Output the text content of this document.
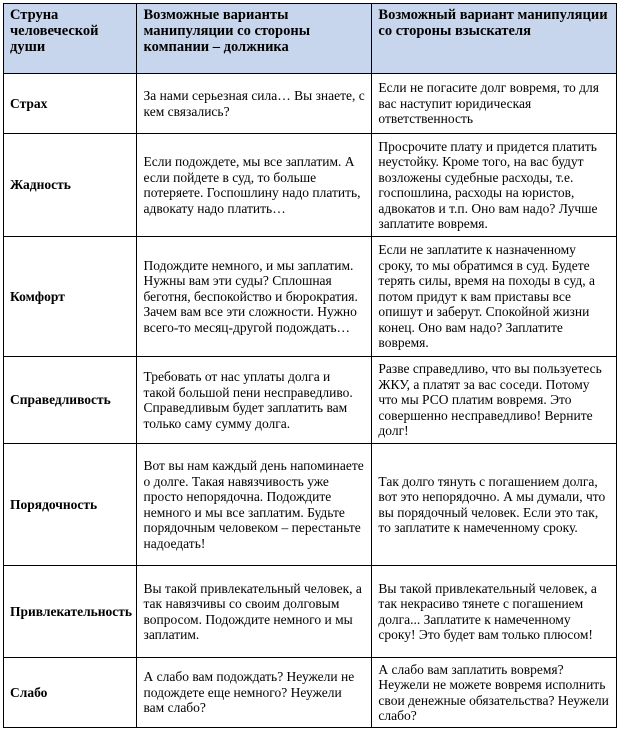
Струна человеческой души	Возможные варианты манипуляции со стороны компании – должника	Возможный вариант манипуляции со стороны взыскателя
Страх	За нами серьезная сила… Вы знаете, с кем связались?	Если не погасите долг вовремя, то для вас наступит юридическая ответственность
Жадность	Если подождете, мы все заплатим. А если пойдете в суд, то больше потеряете. Госпошлину надо платить, адвокату надо платить…	Просрочите плату и придется платить неустойку. Кроме того, на вас будут возложены судебные расходы, т.е. госпошлина, расходы на юристов, адвокатов и т.п. Оно вам надо? Лучше заплатите вовремя.
Комфорт	Подождите немного, и мы заплатим. Нужны вам эти суды? Сплошная беготня, беспокойство и бюрократия. Зачем вам все эти сложности. Нужно всего-то месяц-другой подождать…	Если не заплатите к назначенному сроку, то мы обратимся в суд. Будете терять силы, время на походы в суд, а потом придут к вам приставы все опишут и заберут. Спокойной жизни конец. Оно вам надо? Заплатите вовремя.
Справедливость	Требовать от нас уплаты долга и такой большой пени несправедливо. Справедливым будет заплатить вам только саму сумму долга.	Разве справедливо, что вы пользуетесь ЖКУ, а платят за вас соседи. Потому что мы РСО платим вовремя. Это совершенно несправедливо! Верните долг!
Порядочность	Вот вы нам каждый день напоминаете о долге. Такая навязчивость уже просто непорядочна. Подождите немного и мы все заплатим. Будьте порядочным человеком – перестаньте надоедать!	Так долго тянуть с погашением долга, вот это непорядочно. А мы думали, что вы порядочный человек. Если это так, то заплатите к намеченному сроку.
Привлекательность	Вы такой привлекательный человек, а так навязчивы со своим долговым вопросом. Подождите немного и мы заплатим.	Вы такой привлекательный человек, а так некрасиво тянете с погашением долга... Заплатите к намеченному сроку! Это будет вам только плюсом!
Слабо	А слабо вам подождать? Неужели не подождете еще немного? Неужели вам слабо?	А слабо вам заплатить вовремя? Неужели не можете вовремя исполнить свои денежные обязательства? Неужели слабо?
